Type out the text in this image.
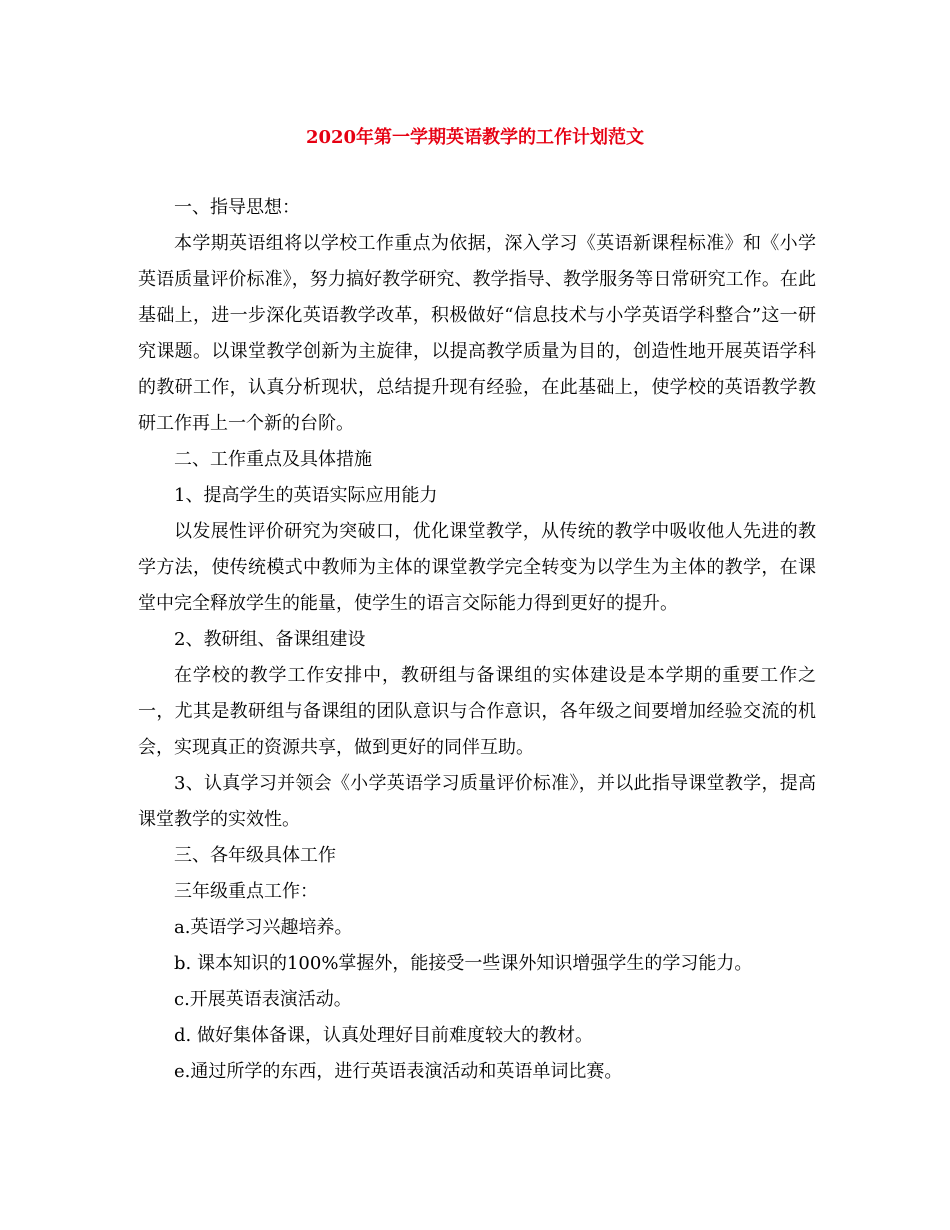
2020年第一学期英语教学的工作计划范文

一、指导思想：

本学期英语组将以学校工作重点为依据，深入学习《英语新课程标准》和《小学英语质量评价标准》，努力搞好教学研究、教学指导、教学服务等日常研究工作。在此基础上，进一步深化英语教学改革，积极做好“信息技术与小学英语学科整合”这一研究课题。以课堂教学创新为主旋律，以提高教学质量为目的，创造性地开展英语学科的教研工作，认真分析现状，总结提升现有经验，在此基础上，使学校的英语教学教研工作再上一个新的台阶。

二、工作重点及具体措施

1、提高学生的英语实际应用能力

以发展性评价研究为突破口，优化课堂教学，从传统的教学中吸收他人先进的教学方法，使传统模式中教师为主体的课堂教学完全转变为以学生为主体的教学，在课堂中完全释放学生的能量，使学生的语言交际能力得到更好的提升。

2、教研组、备课组建设

在学校的教学工作安排中，教研组与备课组的实体建设是本学期的重要工作之一，尤其是教研组与备课组的团队意识与合作意识，各年级之间要增加经验交流的机会，实现真正的资源共享，做到更好的同伴互助。

3、认真学习并领会《小学英语学习质量评价标准》，并以此指导课堂教学，提高课堂教学的实效性。

三、各年级具体工作

三年级重点工作：

a.英语学习兴趣培养。

b. 课本知识的100%掌握外，能接受一些课外知识增强学生的学习能力。

c.开展英语表演活动。

d. 做好集体备课，认真处理好目前难度较大的教材。

e.通过所学的东西，进行英语表演活动和英语单词比赛。
